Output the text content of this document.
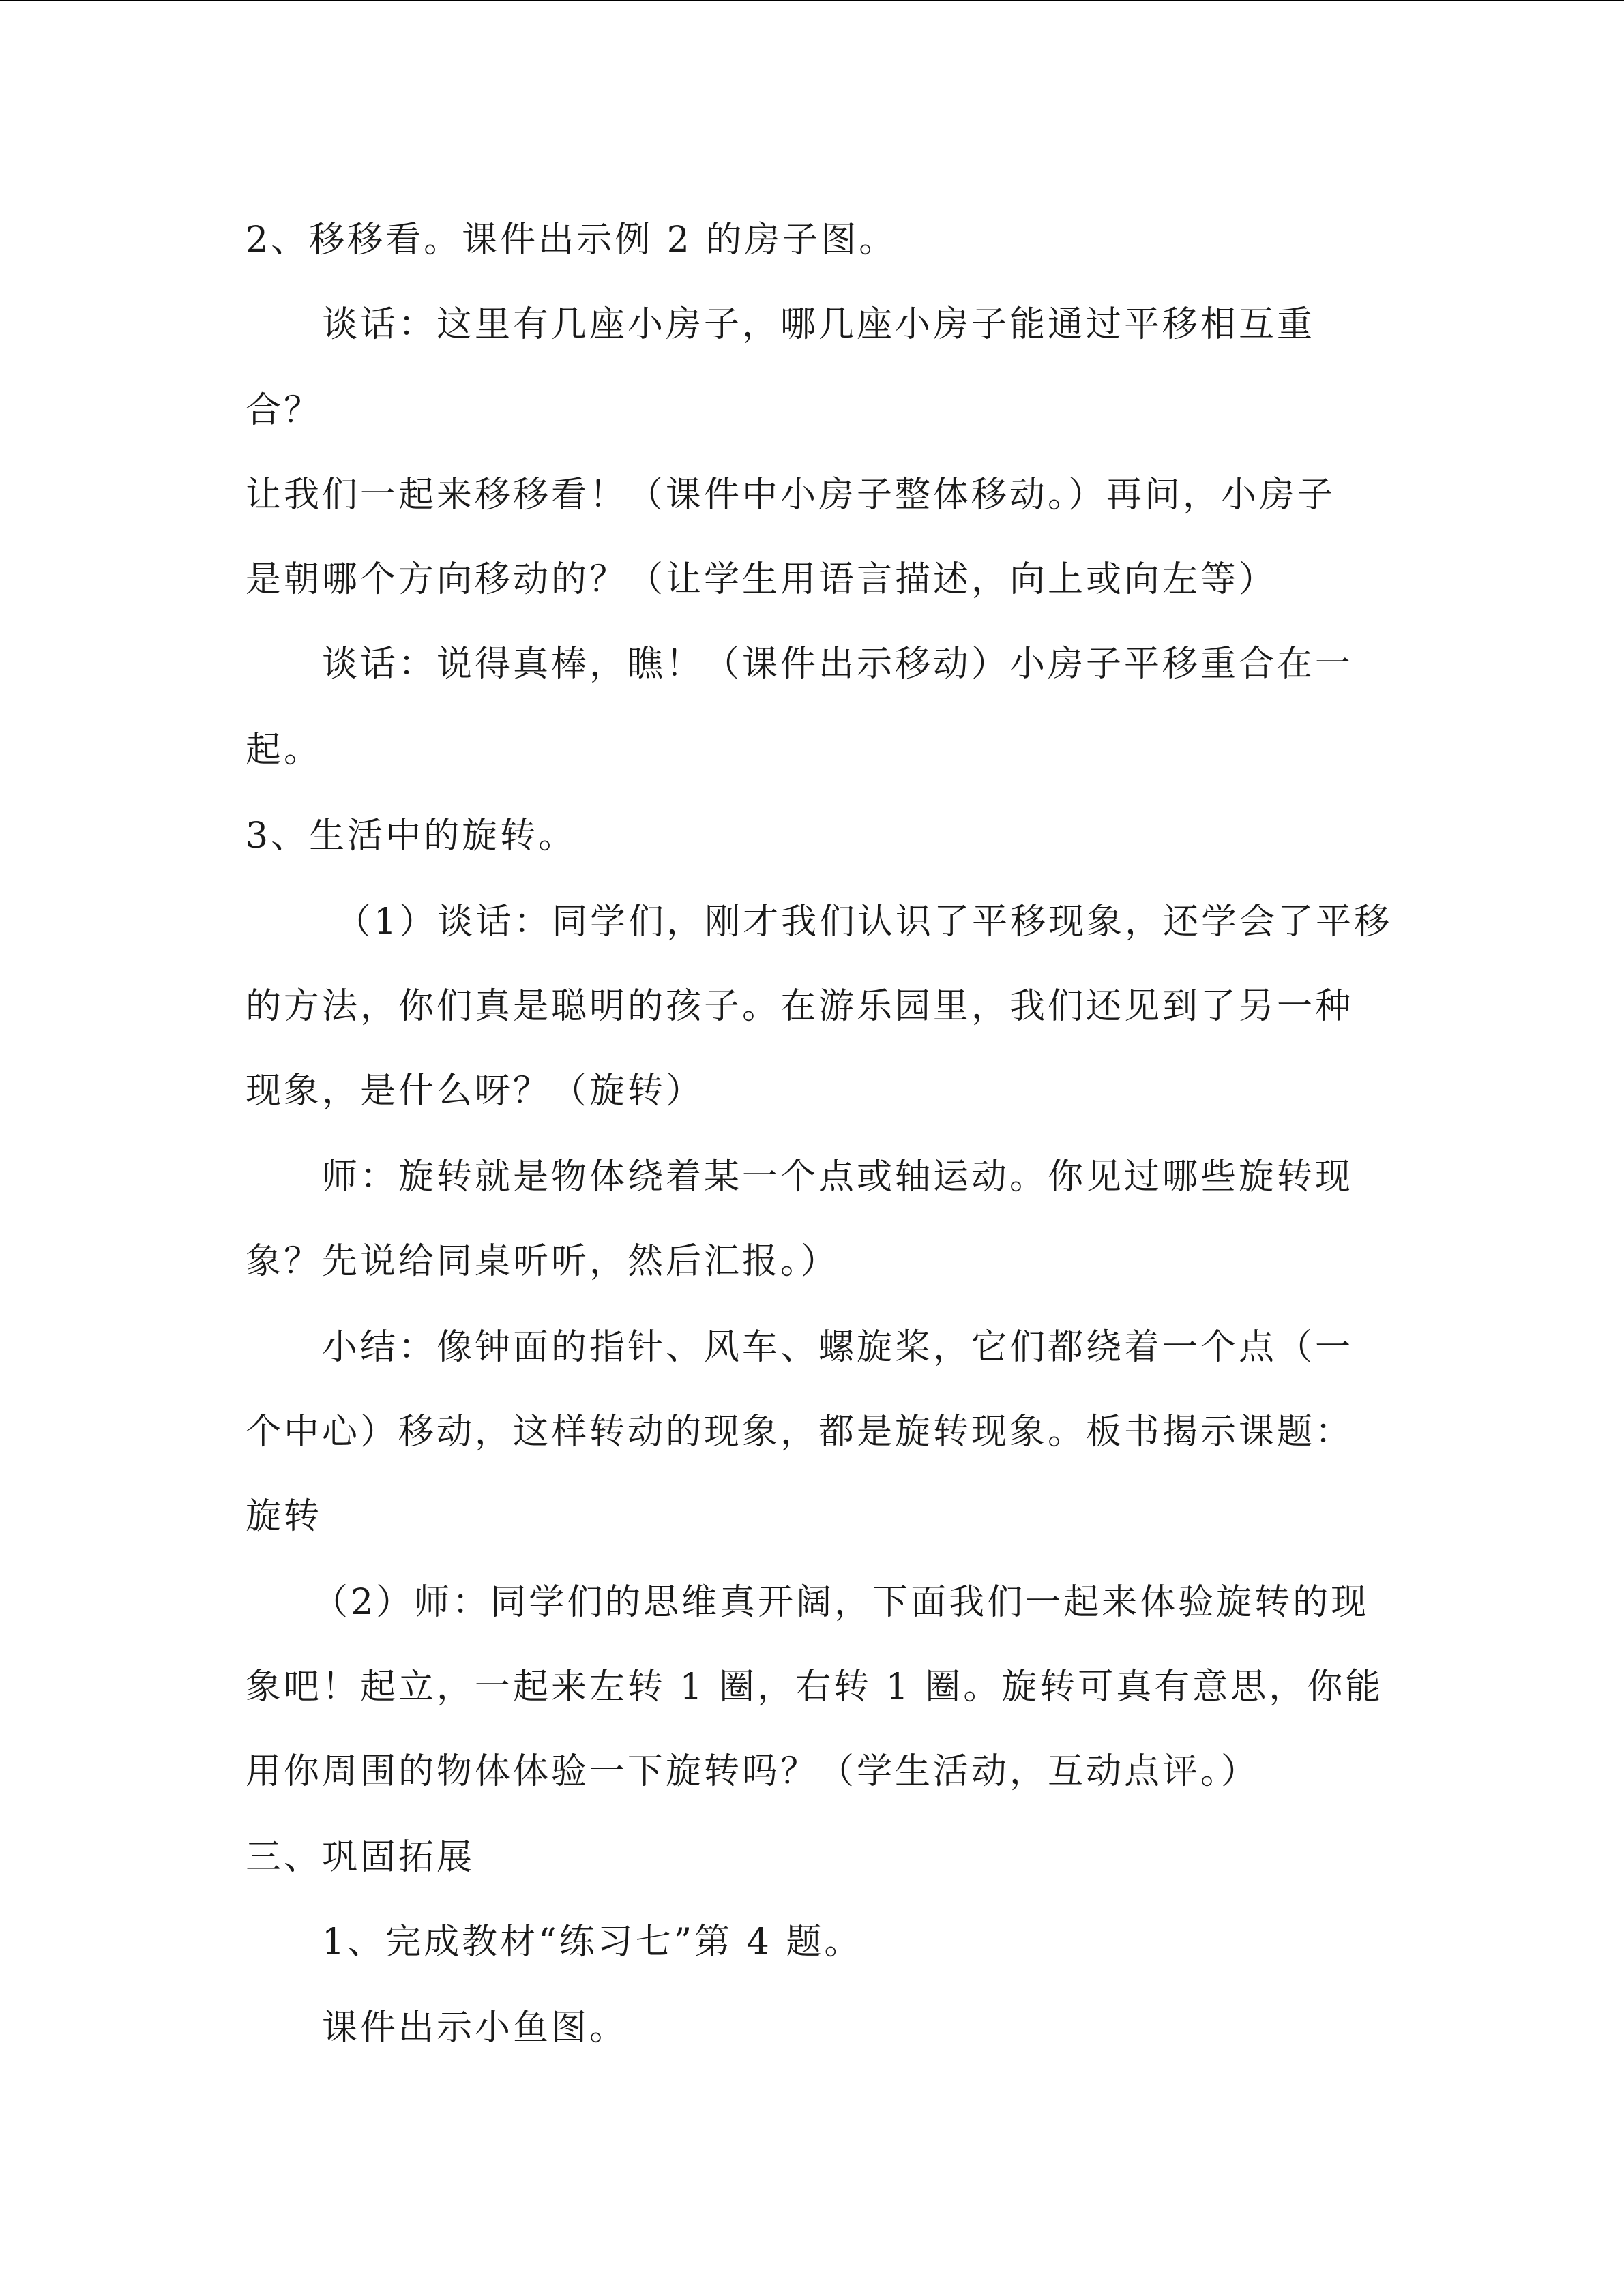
2、移移看。课件出示例 2 的房子图。
谈话：这里有几座小房子，哪几座小房子能通过平移相互重
合？
让我们一起来移移看！（课件中小房子整体移动。）再问，小房子
是朝哪个方向移动的？（让学生用语言描述，向上或向左等）
谈话：说得真棒，瞧！（课件出示移动）小房子平移重合在一
起。
3、生活中的旋转。
（1）谈话：同学们，刚才我们认识了平移现象，还学会了平移
的方法，你们真是聪明的孩子。在游乐园里，我们还见到了另一种
现象，是什么呀？（旋转）
师：旋转就是物体绕着某一个点或轴运动。你见过哪些旋转现
象？先说给同桌听听，然后汇报。）
小结：像钟面的指针、风车、螺旋桨，它们都绕着一个点（一
个中心）移动，这样转动的现象，都是旋转现象。板书揭示课题：
旋转
（2）师：同学们的思维真开阔，下面我们一起来体验旋转的现
象吧！起立，一起来左转 1 圈，右转 1 圈。旋转可真有意思，你能
用你周围的物体体验一下旋转吗？（学生活动，互动点评。）
三、巩固拓展
1、完成教材“练习七”第 4 题。
课件出示小鱼图。
